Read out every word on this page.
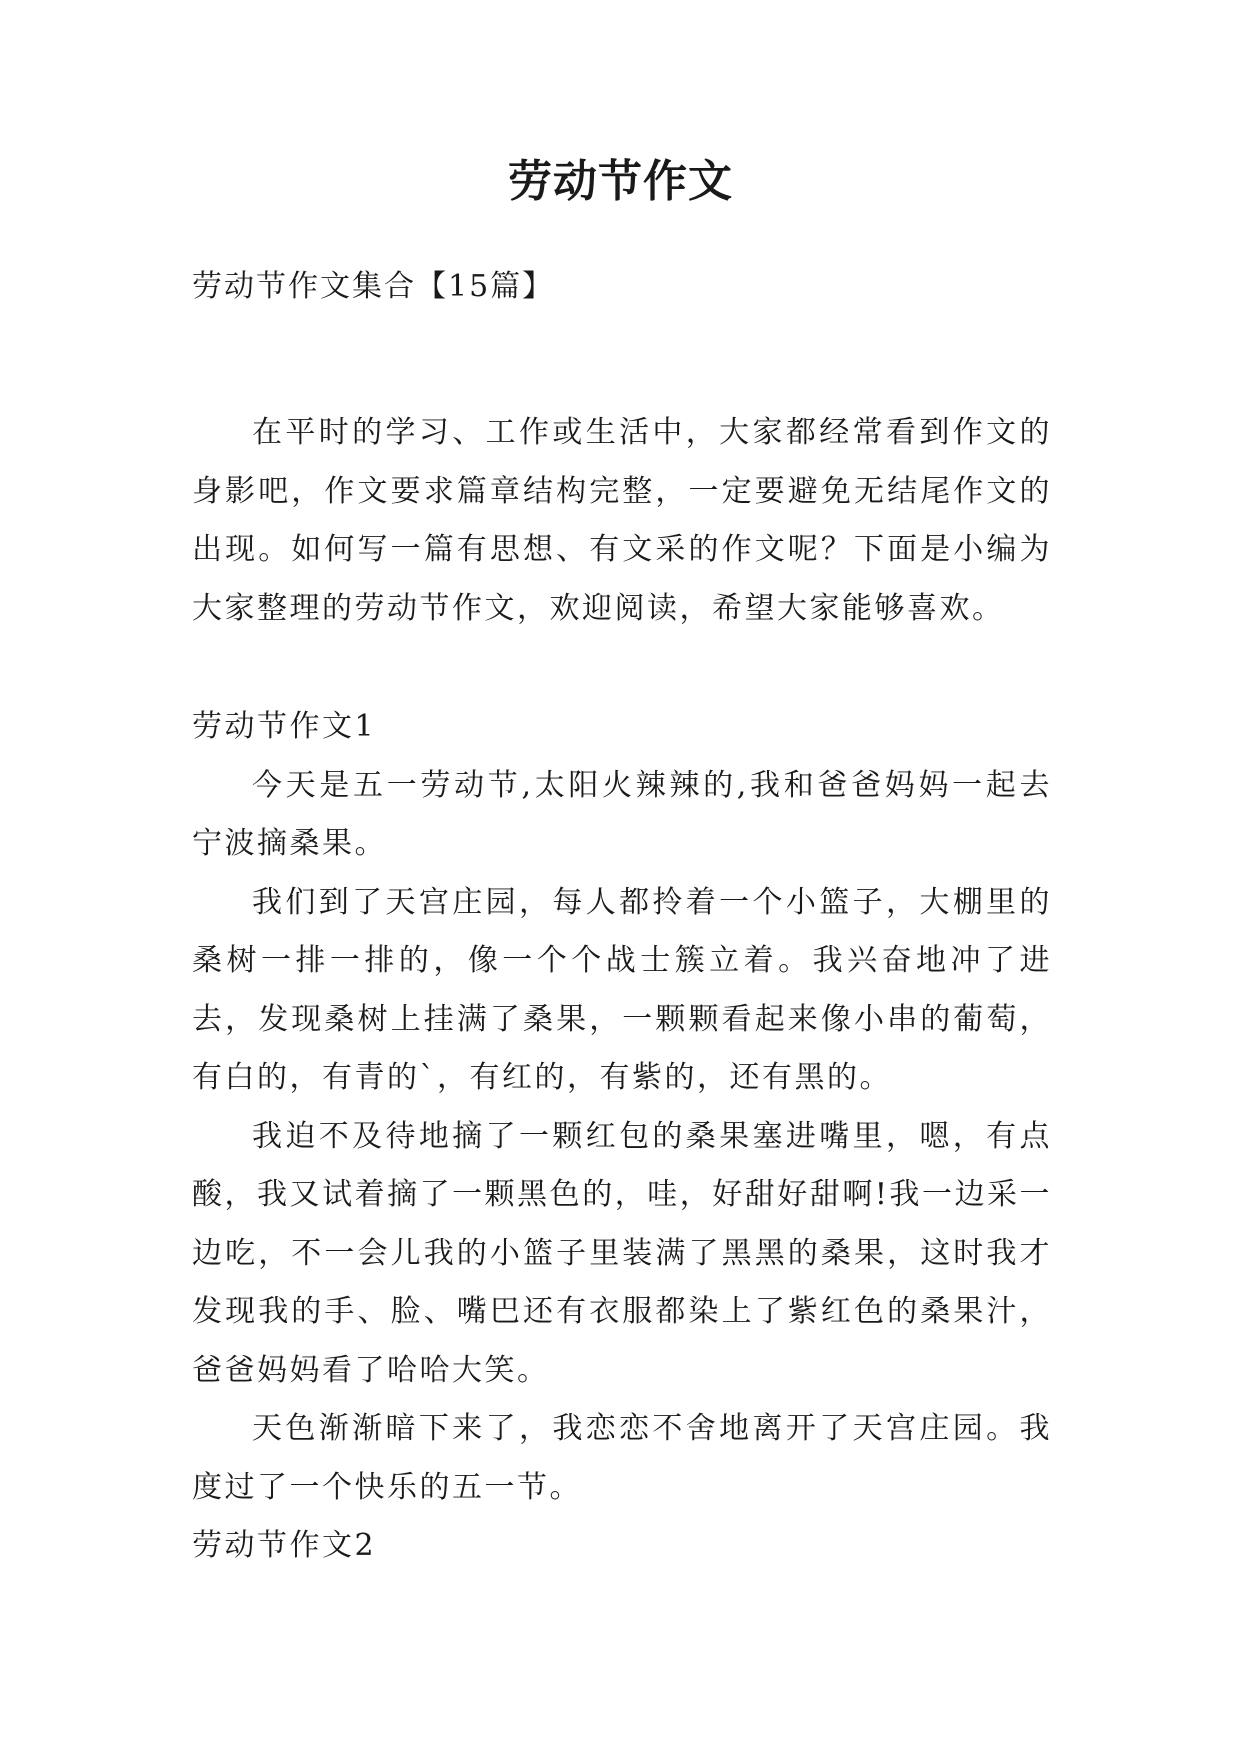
劳动节作文
劳动节作文集合【15篇】

在平时的学习、工作或生活中，大家都经常看到作文的身影吧，作文要求篇章结构完整，一定要避免无结尾作文的出现。如何写一篇有思想、有文采的作文呢？下面是小编为大家整理的劳动节作文，欢迎阅读，希望大家能够喜欢。

劳动节作文1

今天是五一劳动节,太阳火辣辣的,我和爸爸妈妈一起去宁波摘桑果。

我们到了天宫庄园，每人都拎着一个小篮子，大棚里的桑树一排一排的，像一个个战士簇立着。我兴奋地冲了进去，发现桑树上挂满了桑果，一颗颗看起来像小串的葡萄，有白的，有青的`，有红的，有紫的，还有黑的。

我迫不及待地摘了一颗红包的桑果塞进嘴里，嗯，有点酸，我又试着摘了一颗黑色的，哇，好甜好甜啊!我一边采一边吃，不一会儿我的小篮子里装满了黑黑的桑果，这时我才发现我的手、脸、嘴巴还有衣服都染上了紫红色的桑果汁，爸爸妈妈看了哈哈大笑。

天色渐渐暗下来了，我恋恋不舍地离开了天宫庄园。我度过了一个快乐的五一节。

劳动节作文2
